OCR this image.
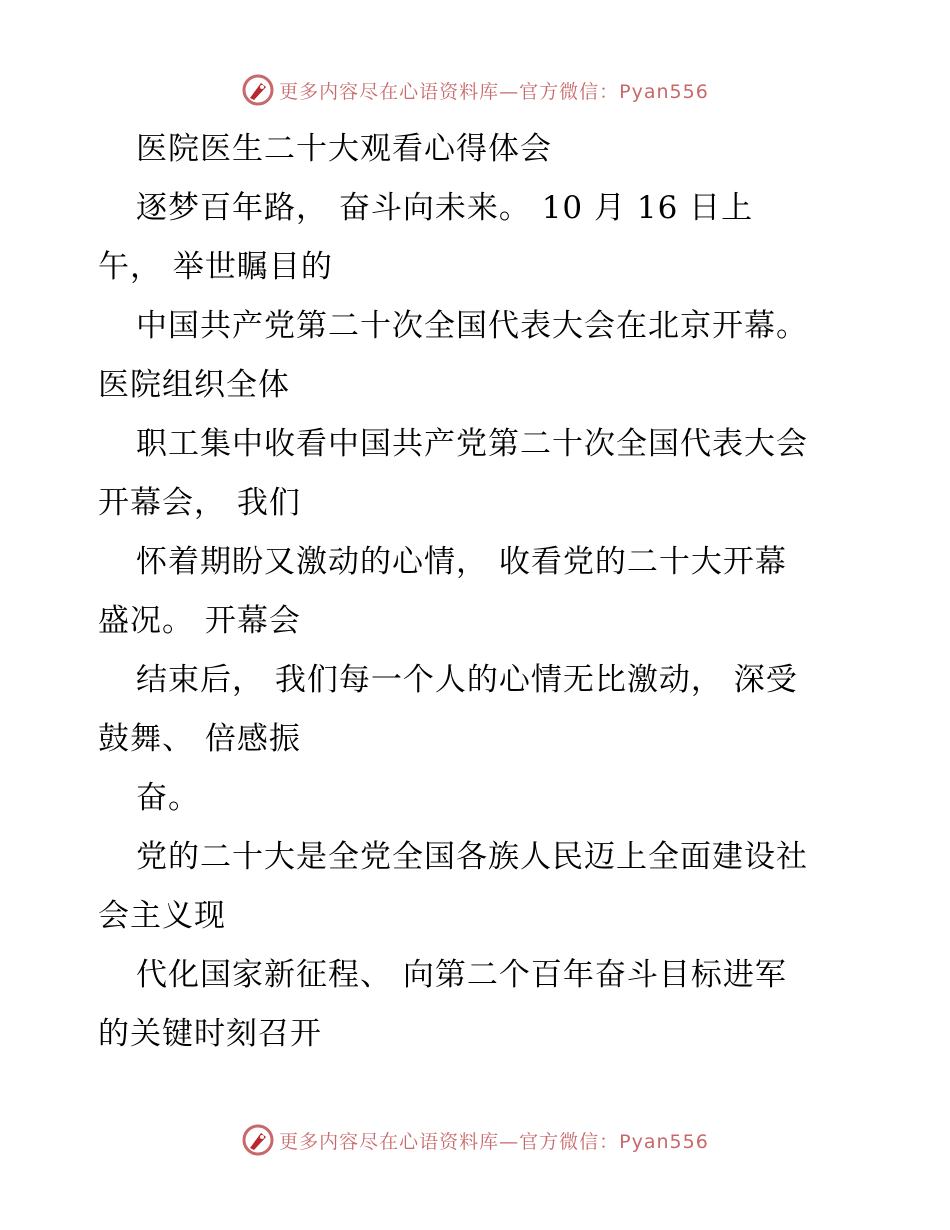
更多内容尽在心语资料库—官方微信：Pyan556
医院医生二十大观看心得体会
逐梦百年路， 奋斗向未来。 10 月 16 日上
午， 举世瞩目的
中国共产党第二十次全国代表大会在北京开幕。
医院组织全体
职工集中收看中国共产党第二十次全国代表大会
开幕会， 我们
怀着期盼又激动的心情， 收看党的二十大开幕
盛况。 开幕会
结束后， 我们每一个人的心情无比激动， 深受
鼓舞、 倍感振
奋。
党的二十大是全党全国各族人民迈上全面建设社
会主义现
代化国家新征程、 向第二个百年奋斗目标进军
的关键时刻召开
更多内容尽在心语资料库—官方微信：Pyan556
